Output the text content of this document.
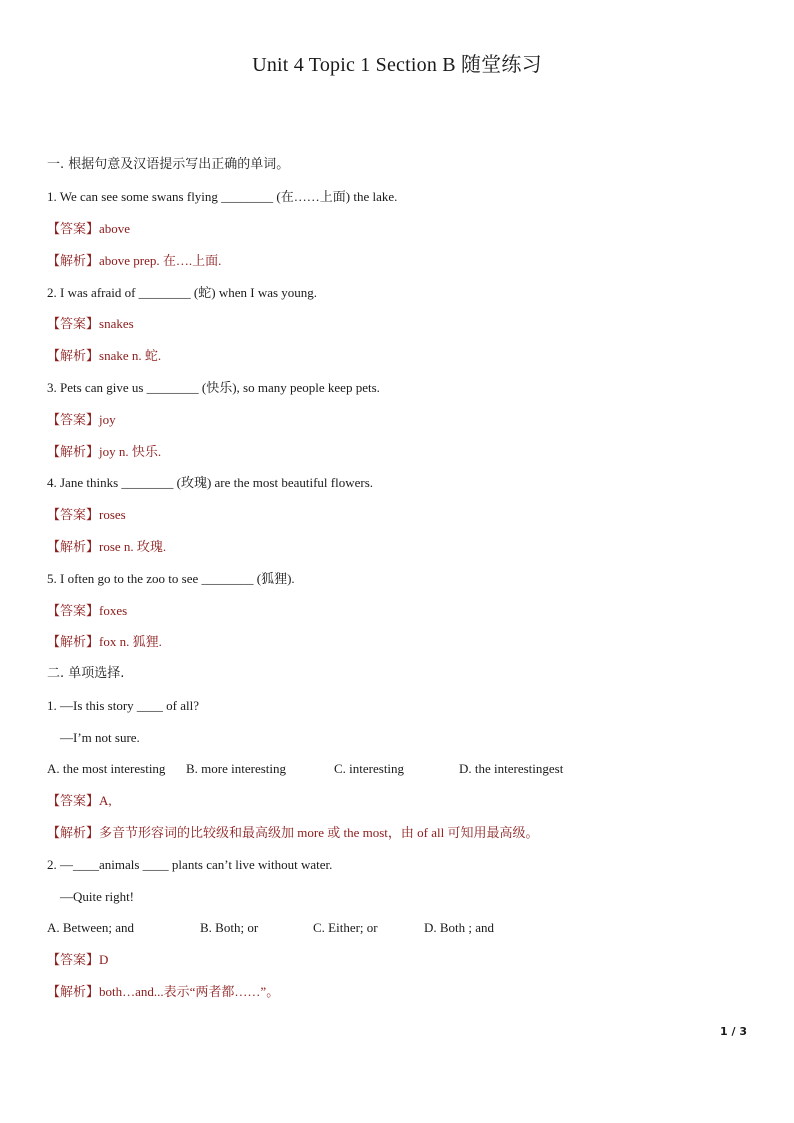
Unit 4 Topic 1 Section B 随堂练习
一. 根据句意及汉语提示写出正确的单词。
1. We can see some swans flying ________ (在……上面) the lake.
【答案】above
【解析】above prep. 在….上面.
2. I was afraid of ________ (蛇) when I was young.
【答案】snakes
【解析】snake n. 蛇.
3. Pets can give us ________ (快乐), so many people keep pets.
【答案】joy
【解析】joy n. 快乐.
4. Jane thinks ________ (玫瑰) are the most beautiful flowers.
【答案】roses
【解析】rose n. 玫瑰.
5. I often go to the zoo to see ________ (狐狸).
【答案】foxes
【解析】fox n. 狐狸.
二. 单项选择.
1. —Is this story ____ of all?
—I’m not sure.
A. the most interesting B. more interesting	C. interesting	D. the interestingest
【答案】A,
【解析】多音节形容词的比较级和最高级加 more 或 the most，由 of all 可知用最高级。
2. —____animals ____ plants can’t live without water.
—Quite right!
A. Between; and	B. Both; or	C. Either; or	D. Both ; and
【答案】D
【解析】both…and...表示“两者都……”。
1 / 3
